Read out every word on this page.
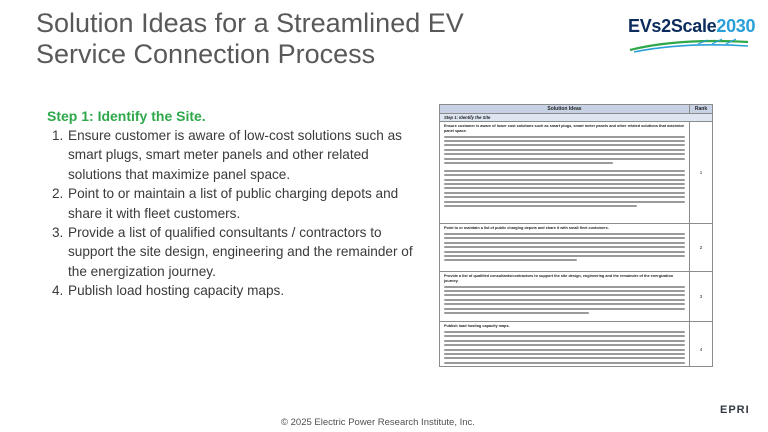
Solution Ideas for a Streamlined EV
Service Connection Process
EVs2Scale2030
Step 1: Identify the Site.
1. Ensure customer is aware of low-cost solutions such as smart plugs, smart meter panels and other related solutions that maximize panel space.
2. Point to or maintain a list of public charging depots and share it with fleet customers.
3. Provide a list of qualified consultants / contractors to support the site design, engineering and the remainder of the energization journey.
4. Publish load hosting capacity maps.
Solution Ideas	Rank
Step 1: Identify the Site
Ensure customer is aware of lower cost solutions such as smart plugs, smart meter panels and other related solutions that maximize panel space.
1
Point to or maintain a list of public charging depots and share it with small fleet customers.
2
Provide a list of qualified consultants/contractors to support the site design, engineering and the remainder of the energization journey.
3
Publish load hosting capacity maps.
4
© 2025 Electric Power Research Institute, Inc.
EPRI
